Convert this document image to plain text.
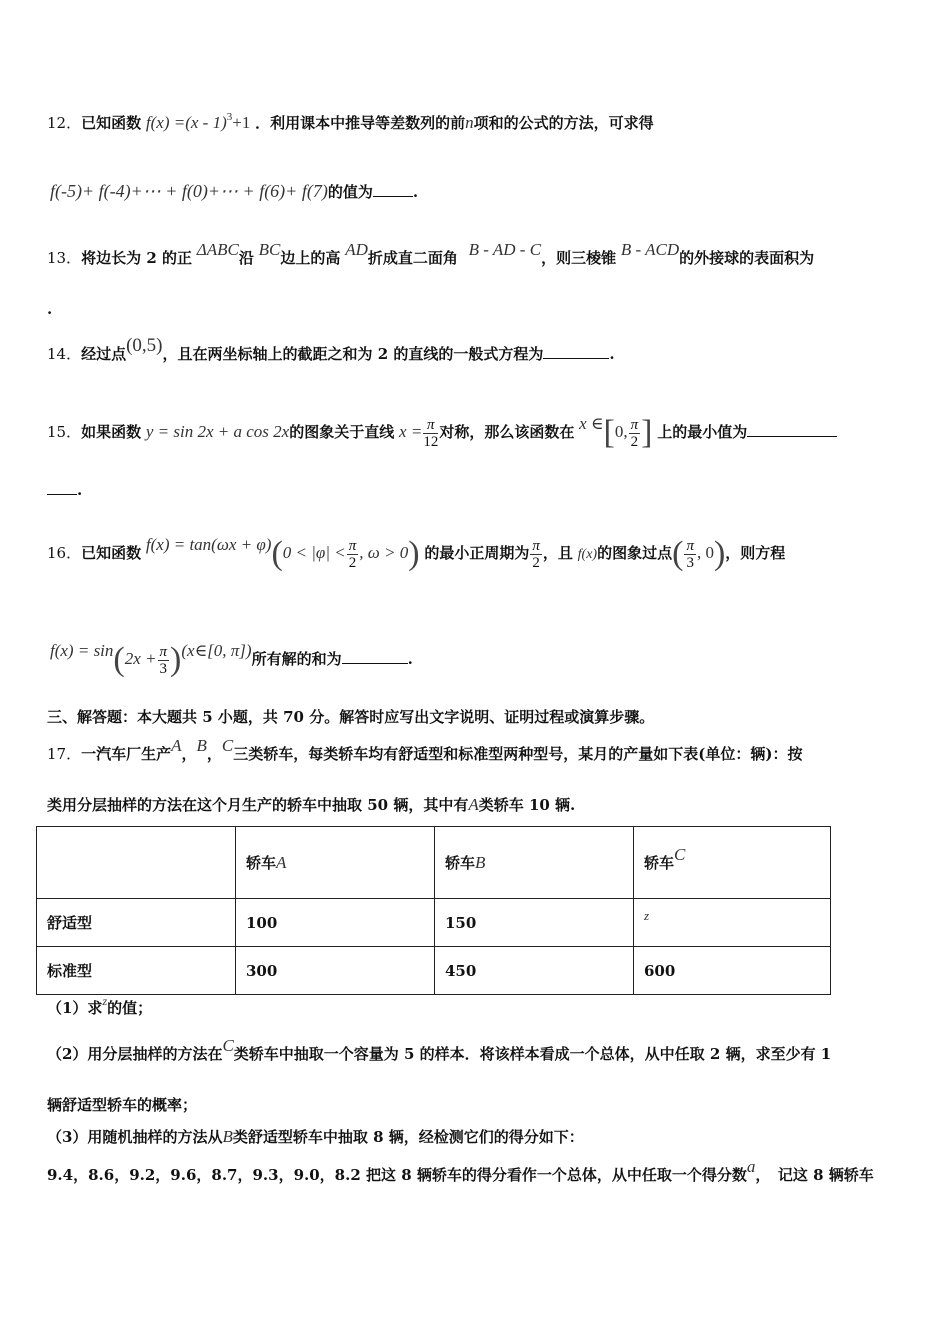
12．已知函数 f(x) =(x - 1)$^3$+1 ．利用课本中推导等差数列的前n项和的公式的方法，可求得
f(-5)+ f(-4)+⋯ + f(0)+⋯ + f(6)+ f(7)的值为	.
13．将边长为 2 的正 ΔABC沿 BC边上的高 AD折成直二面角 B - AD - C，则三棱锥 B - ACD的外接球的表面积为
.
14．经过点(0,5)，且在两坐标轴上的截距之和为 2 的直线的一般式方程为	.
15．如果函数 y = sin 2x + a cos 2x的图象关于直线 $x = \frac{\pi}{12}$ 对称，那么该函数在 x ∈[0, $\frac{\pi}{2}$ ] 上的最小值为
.
16．已知函数 $f(x) = \tan(\omega x + \varphi)(0 < |\varphi| < \frac{\pi}{2}$ , ω > 0) 的最小正周期为 $\frac{\pi}{2}$ ，且 f(x)的图象过点( $\frac{\pi}{3}$ , 0)，则方程
$f(x) = \sin(2x + \frac{\pi}{3}$ )(x∈[0, π])所有解的和为	.
三、解答题：本大题共 5 小题，共 70 分。解答时应写出文字说明、证明过程或演算步骤。
17．一汽车厂生产A，B，C三类轿车，每类轿车均有舒适型和标准型两种型号，某月的产量如下表(单位：辆)：按
类用分层抽样的方法在这个月生产的轿车中抽取 50 辆，其中有A类轿车 10 辆.
	轿车A	轿车B	轿车C
舒适型	100	150	z
标准型	300	450	600
（1）求$^z$的值；
（2）用分层抽样的方法在C类轿车中抽取一个容量为 5 的样本．将该样本看成一个总体，从中任取 2 辆，求至少有 1
辆舒适型轿车的概率；
（3）用随机抽样的方法从B类舒适型轿车中抽取 8 辆，经检测它们的得分如下：
9.4，8.6，9.2，9.6，8.7，9.3，9.0，8.2 把这 8 辆轿车的得分看作一个总体，从中任取一个得分数a，　记这 8 辆轿车
